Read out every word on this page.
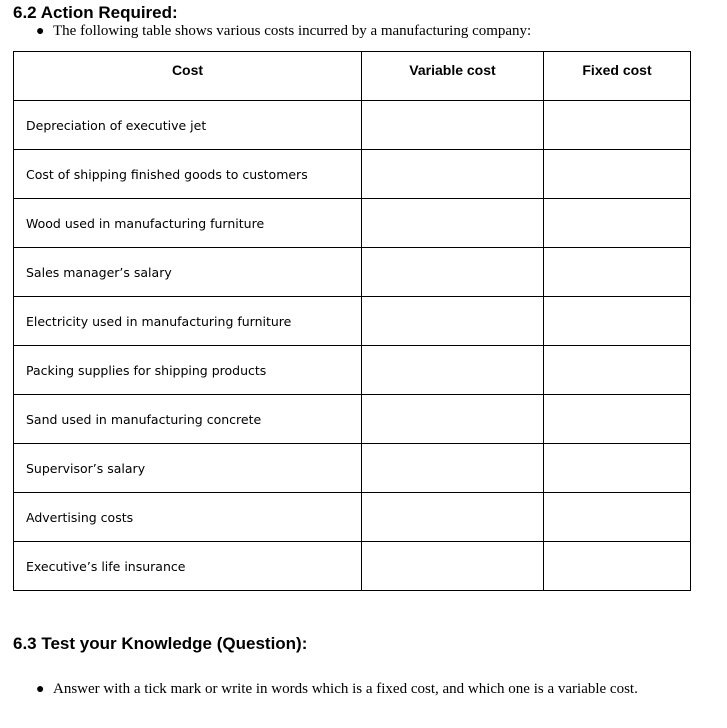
6.2 Action Required:
● The following table shows various costs incurred by a manufacturing company:
Cost	Variable cost	Fixed cost
Depreciation of executive jet		
Cost of shipping finished goods to customers		
Wood used in manufacturing furniture		
Sales manager’s salary		
Electricity used in manufacturing furniture		
Packing supplies for shipping products		
Sand used in manufacturing concrete		
Supervisor’s salary		
Advertising costs		
Executive’s life insurance		
6.3 Test your Knowledge (Question):
● Answer with a tick mark or write in words which is a fixed cost, and which one is a variable cost.
